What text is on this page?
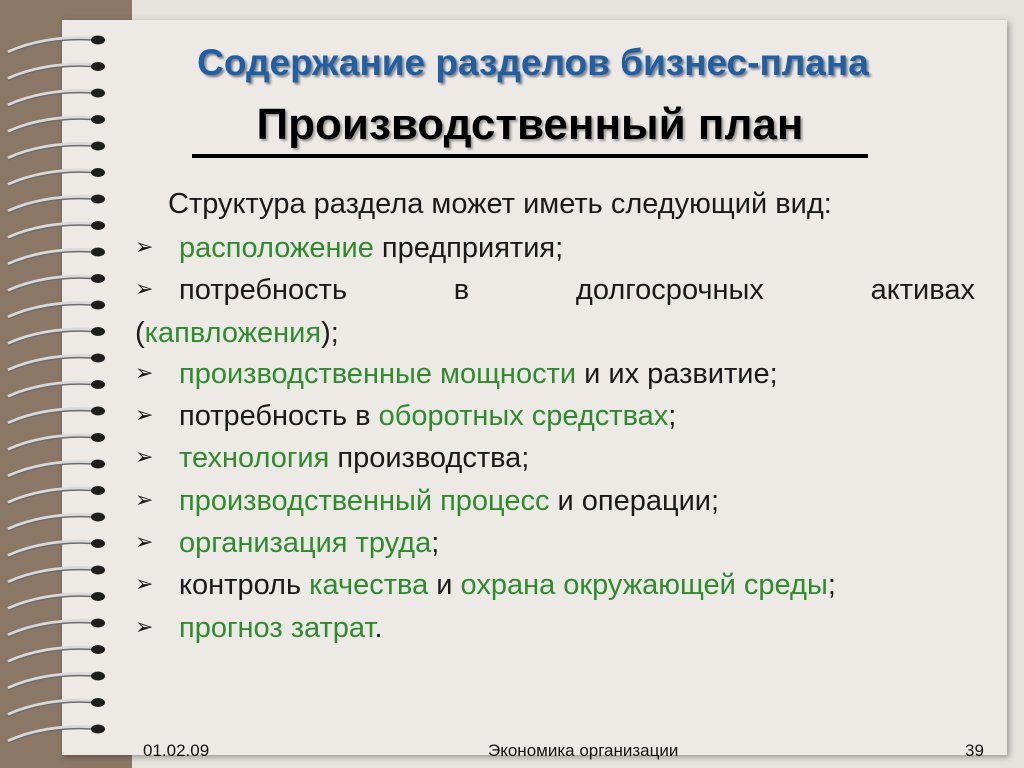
Содержание разделов бизнес-плана
Производственный план
Структура раздела может иметь следующий вид:
➢ расположение предприятия;
➢ потребность	в	долгосрочных	активах
(капвложения);
➢ производственные мощности и их развитие;
➢ потребность в оборотных средствах;
➢ технология производства;
➢ производственный процесс и операции;
➢ организация труда;
➢ контроль качества и охрана окружающей среды;
➢ прогноз затрат.
01.02.09	Экономика организации	39
